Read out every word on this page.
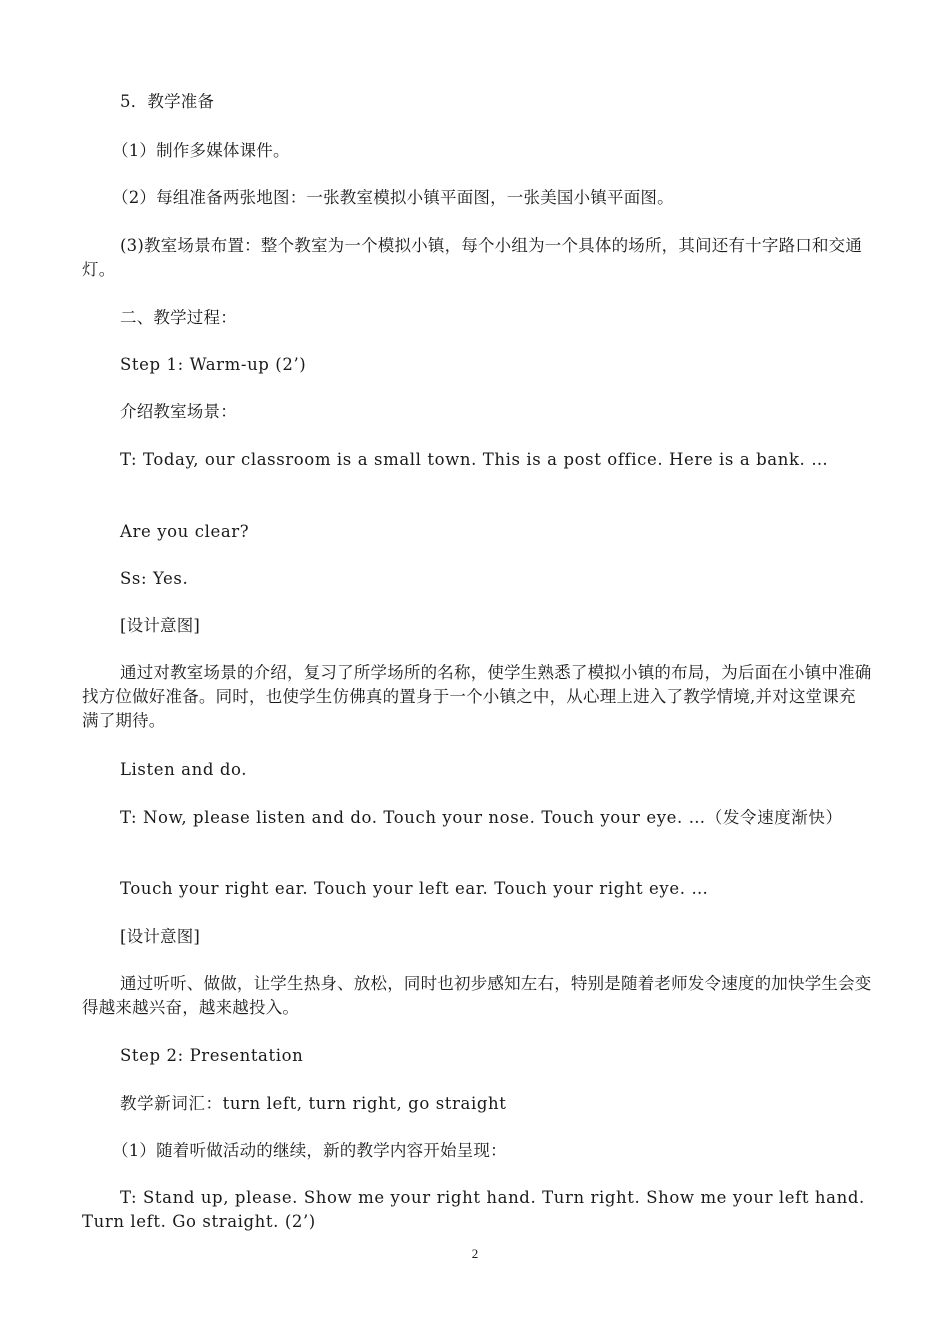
5．教学准备
（1）制作多媒体课件。
（2）每组准备两张地图：一张教室模拟小镇平面图，一张美国小镇平面图。
(3)教室场景布置：整个教室为一个模拟小镇，每个小组为一个具体的场所，其间还有十字路口和交通灯。
二、教学过程：
Step 1: Warm-up (2’)
介绍教室场景：
T: Today, our classroom is a small town. This is a post office. Here is a bank. …
Are you clear?
Ss: Yes.
[设计意图]
通过对教室场景的介绍，复习了所学场所的名称，使学生熟悉了模拟小镇的布局，为后面在小镇中准确找方位做好准备。同时，也使学生仿佛真的置身于一个小镇之中，从心理上进入了教学情境,并对这堂课充满了期待。
Listen and do.
T: Now, please listen and do. Touch your nose. Touch your eye. …（发令速度渐快）
Touch your right ear. Touch your left ear. Touch your right eye. …
[设计意图]
通过听听、做做，让学生热身、放松，同时也初步感知左右，特别是随着老师发令速度的加快学生会变得越来越兴奋，越来越投入。
Step 2: Presentation
教学新词汇：turn left, turn right, go straight
（1）随着听做活动的继续，新的教学内容开始呈现：
T: Stand up, please. Show me your right hand. Turn right. Show me your left hand. Turn left. Go straight. (2’)
2
